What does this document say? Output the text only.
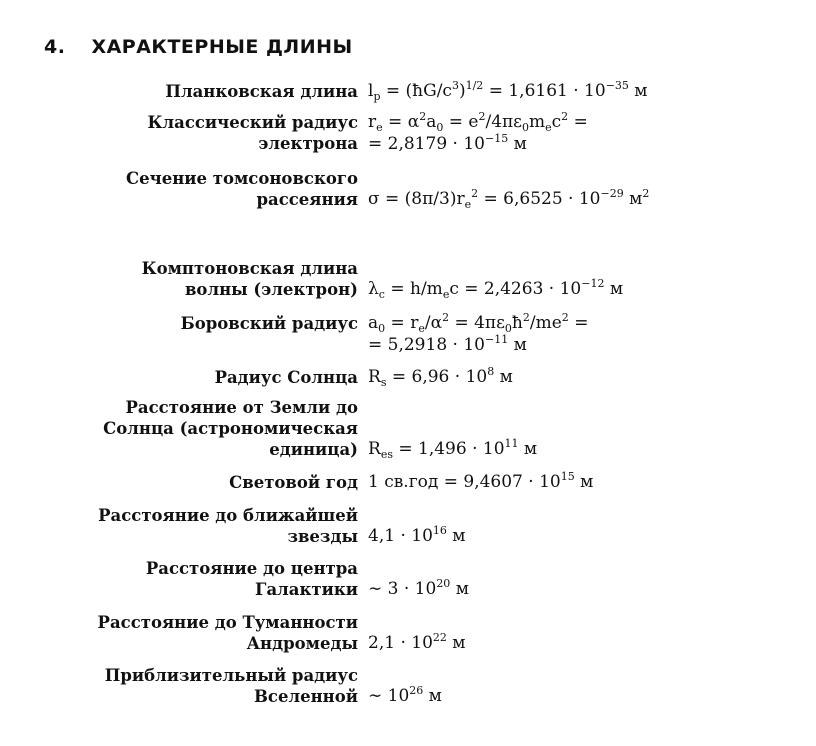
4. ХАРАКТЕРНЫЕ ДЛИНЫ
Планковская длина $l_p$ = $(ħG/c^3)^{1/2} = 1,6161 \cdot 10^{-35}$ м
Классический радиус
электрона
$r_e = \alpha^2a_0 = e^2/4\pi\varepsilon_0m_ec^2$ =
= $2,8179 \cdot 10^{-15}$ м
Сечение томсоновского
рассеяния $\sigma = (8\pi/3)r_e^2 = 6,6525 \cdot 10^{-29}$ $м^2$
Комптоновская длина
волны (электрон) $\lambda_c = h/m_ec = 2,4263 \cdot 10^{-12}$ м
Боровский радиус $a_0 = r_e/\alpha^2$ = $4\pi\varepsilon_0ħ^2/me^2$ =
= $5,2918 \cdot 10^{-11}$ м
Радиус Солнца $R_s = 6,96 \cdot 10^8$ м
Расстояние от Земли до
Солнца (астрономическая
единица) $R_{es} = 1,496 \cdot 10^{11}$ м
Световой год 1 $св.год = 9,4607 \cdot 10^{15}$ м
Расстояние до ближайшей
звезды $4,1 \cdot 10^{16}$ м
Расстояние до центра
Галактики ∼ $3 \cdot 10^{20}$ м
Расстояние до Туманности
Андромеды $2,1 \cdot 10^{22}$ м
Приблизительный радиус
Вселенной ∼ $10^{26}$ м
